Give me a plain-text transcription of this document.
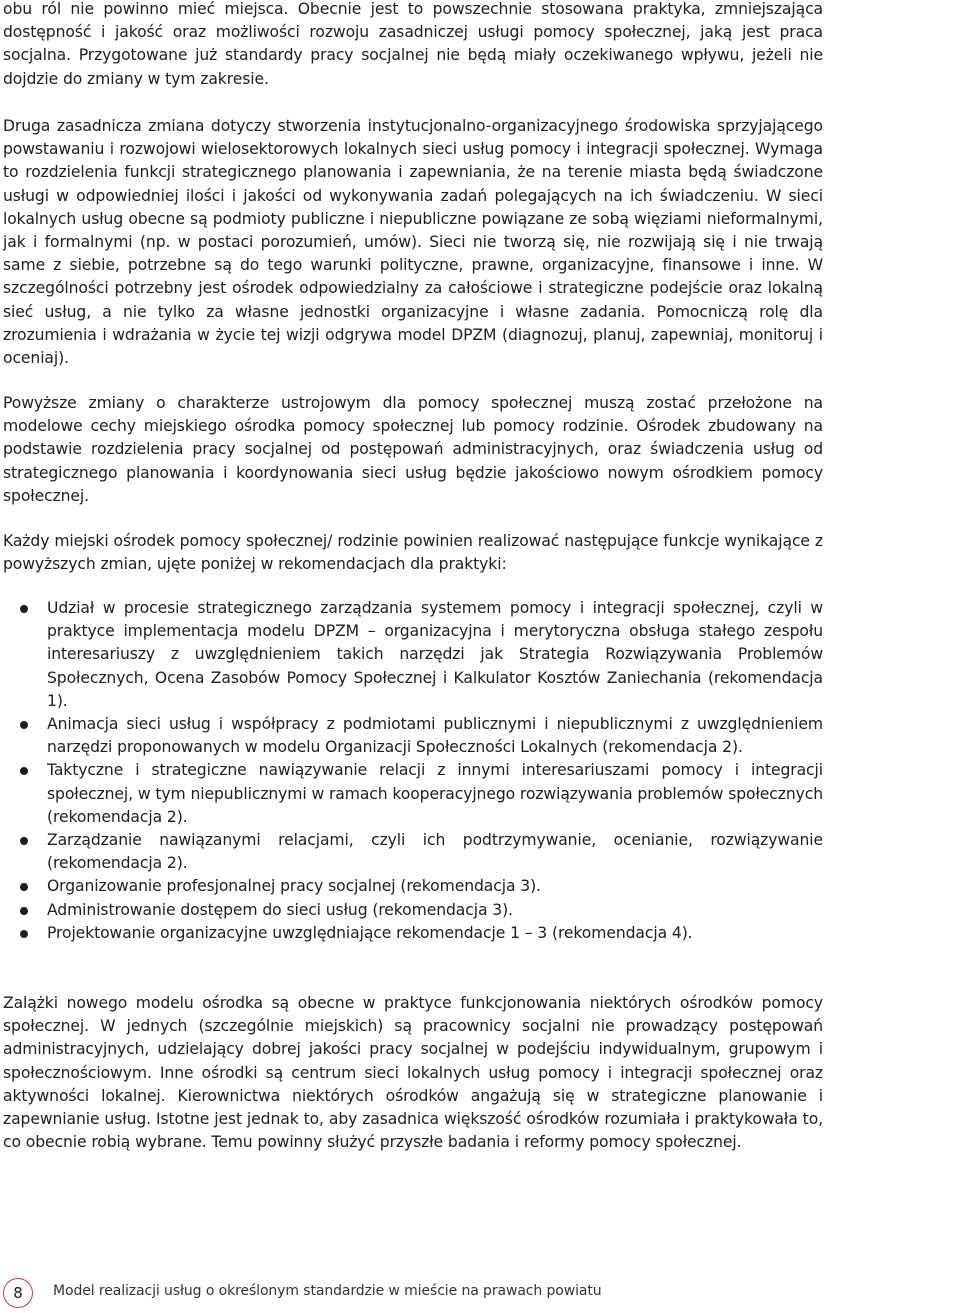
obu ról nie powinno mieć miejsca. Obecnie jest to powszechnie stosowana praktyka, zmniejszająca dostępność i jakość oraz możliwości rozwoju zasadniczej usługi pomocy społecznej, jaką jest praca socjalna. Przygotowane już standardy pracy socjalnej nie będą miały oczekiwanego wpływu, jeżeli nie dojdzie do zmiany w tym zakresie.

Druga zasadnicza zmiana dotyczy stworzenia instytucjonalno-organizacyjnego środowiska sprzyjającego powstawaniu i rozwojowi wielosektorowych lokalnych sieci usług pomocy i integracji społecznej. Wymaga to rozdzielenia funkcji strategicznego planowania i zapewniania, że na terenie miasta będą świadczone usługi w odpowiedniej ilości i jakości od wykonywania zadań polegających na ich świadczeniu. W sieci lokalnych usług obecne są podmioty publiczne i niepubliczne powiązane ze sobą więziami nieformalnymi, jak i formalnymi (np. w postaci porozumień, umów). Sieci nie tworzą się, nie rozwijają się i nie trwają same z siebie, potrzebne są do tego warunki polityczne, prawne, organizacyjne, finansowe i inne. W szczególności potrzebny jest ośrodek odpowiedzialny za całościowe i strategiczne podejście oraz lokalną sieć usług, a nie tylko za własne jednostki organizacyjne i własne zadania. Pomocniczą rolę dla zrozumienia i wdrażania w życie tej wizji odgrywa model DPZM (diagnozuj, planuj, zapewniaj, monitoruj i oceniaj).

Powyższe zmiany o charakterze ustrojowym dla pomocy społecznej muszą zostać przełożone na modelowe cechy miejskiego ośrodka pomocy społecznej lub pomocy rodzinie. Ośrodek zbudowany na podstawie rozdzielenia pracy socjalnej od postępowań administracyjnych, oraz świadczenia usług od strategicznego planowania i koordynowania sieci usług będzie jakościowo nowym ośrodkiem pomocy społecznej.

Każdy miejski ośrodek pomocy społecznej/ rodzinie powinien realizować następujące funkcje wynikające z powyższych zmian, ujęte poniżej w rekomendacjach dla praktyki:

Udział w procesie strategicznego zarządzania systemem pomocy i integracji społecznej, czyli w praktyce implementacja modelu DPZM – organizacyjna i merytoryczna obsługa stałego zespołu interesariuszy z uwzględnieniem takich narzędzi jak Strategia Rozwiązywania Problemów Społecznych, Ocena Zasobów Pomocy Społecznej i Kalkulator Kosztów Zaniechania (rekomendacja 1).
Animacja sieci usług i współpracy z podmiotami publicznymi i niepublicznymi z uwzględnieniem narzędzi proponowanych w modelu Organizacji Społeczności Lokalnych (rekomendacja 2).
Taktyczne i strategiczne nawiązywanie relacji z innymi interesariuszami pomocy i integracji społecznej, w tym niepublicznymi w ramach kooperacyjnego rozwiązywania problemów społecznych (rekomendacja 2).
Zarządzanie nawiązanymi relacjami, czyli ich podtrzymywanie, ocenianie, rozwiązywanie (rekomendacja 2).
Organizowanie profesjonalnej pracy socjalnej (rekomendacja 3).
Administrowanie dostępem do sieci usług (rekomendacja 3).
Projektowanie organizacyjne uwzględniające rekomendacje 1 – 3 (rekomendacja 4).

Zalążki nowego modelu ośrodka są obecne w praktyce funkcjonowania niektórych ośrodków pomocy społecznej. W jednych (szczególnie miejskich) są pracownicy socjalni nie prowadzący postępowań administracyjnych, udzielający dobrej jakości pracy socjalnej w podejściu indywidualnym, grupowym i społecznościowym. Inne ośrodki są centrum sieci lokalnych usług pomocy i integracji społecznej oraz aktywności lokalnej. Kierownictwa niektórych ośrodków angażują się w strategiczne planowanie i zapewnianie usług. Istotne jest jednak to, aby zasadnica większość ośrodków rozumiała i praktykowała to, co obecnie robią wybrane. Temu powinny służyć przyszłe badania i reformy pomocy społecznej.

8	Model realizacji usług o określonym standardzie w mieście na prawach powiatu
